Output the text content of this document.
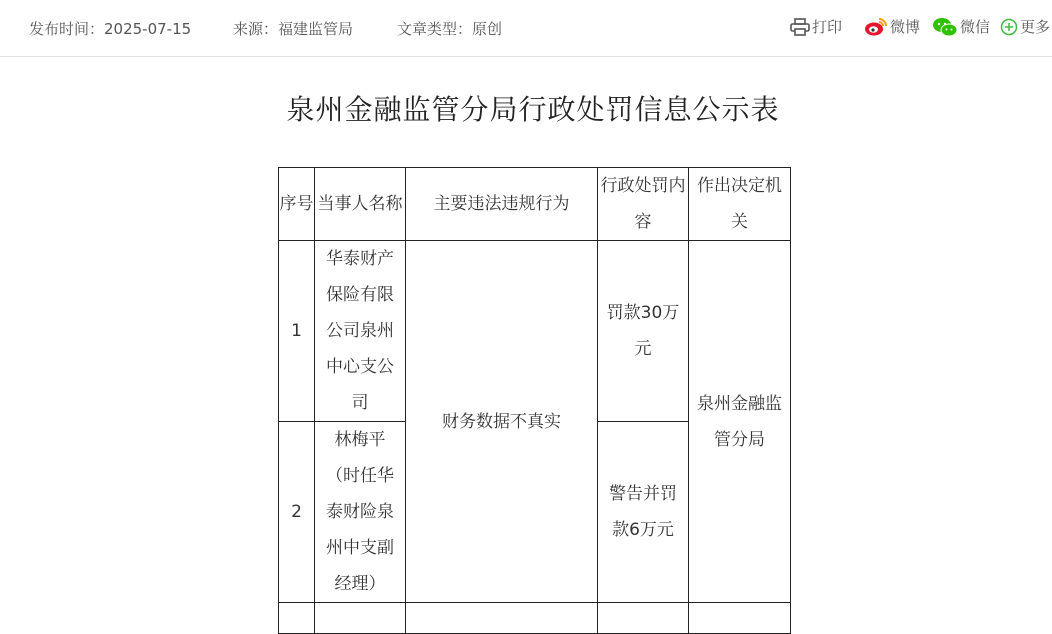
发布时间：2025-07-15	来源：福建监管局	文章类型：原创	打印	微博	微信 更多
泉州金融监管分局行政处罚信息公示表
序号	当事人名称	主要违法违规行为	行政处罚内容	作出决定机关
1	华泰财产保险有限公司泉州中心支公司	财务数据不真实	罚款30万元	泉州金融监管分局
2	林梅平（时任华泰财险泉州中支副经理）		警告并罚款6万元	
